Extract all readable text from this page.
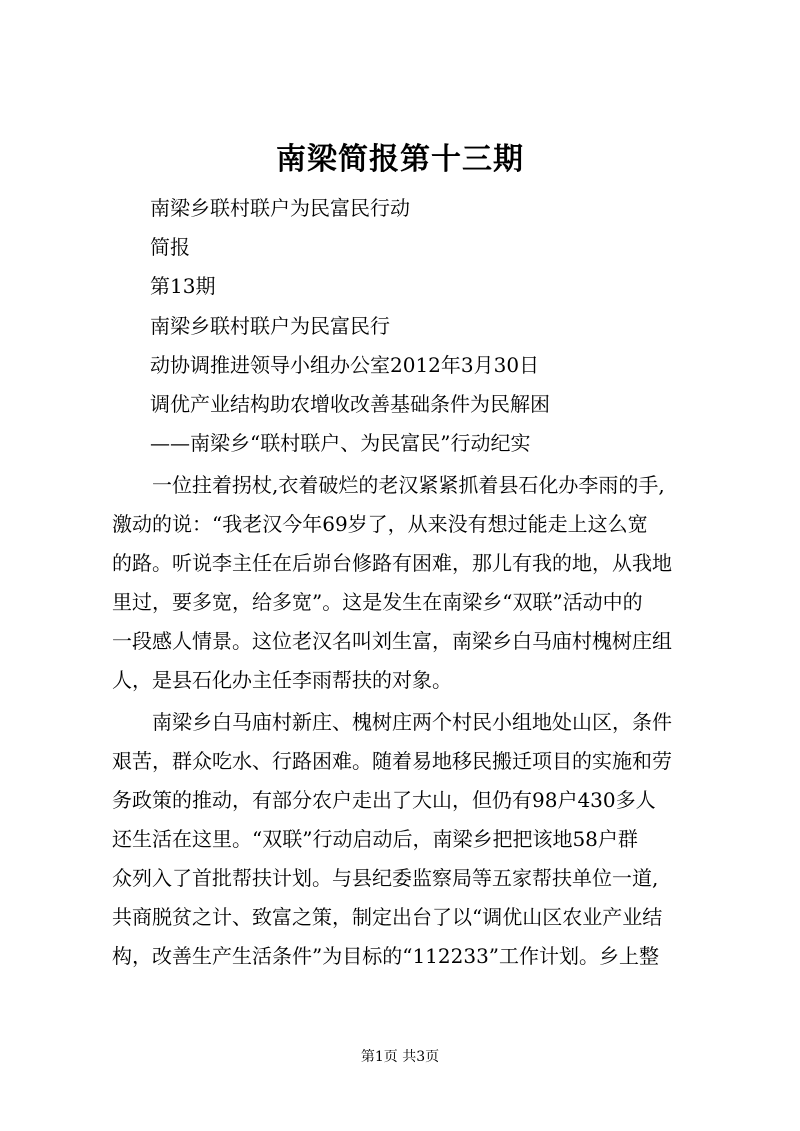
南梁简报第十三期
南梁乡联村联户为民富民行动
简报
第13期
南梁乡联村联户为民富民行
动协调推进领导小组办公室2012年3月30日
调优产业结构助农增收改善基础条件为民解困
——南梁乡“联村联户、为民富民”行动纪实
一位拄着拐杖,衣着破烂的老汉紧紧抓着县石化办李雨的手,
激动的说：“我老汉今年69岁了，从来没有想过能走上这么宽
的路。听说李主任在后峁台修路有困难，那儿有我的地，从我地
里过，要多宽，给多宽”。这是发生在南梁乡“双联”活动中的
一段感人情景。这位老汉名叫刘生富，南梁乡白马庙村槐树庄组
人，是县石化办主任李雨帮扶的对象。
南梁乡白马庙村新庄、槐树庄两个村民小组地处山区，条件
艰苦，群众吃水、行路困难。随着易地移民搬迁项目的实施和劳
务政策的推动，有部分农户走出了大山，但仍有98户430多人
还生活在这里。“双联”行动启动后，南梁乡把把该地58户群
众列入了首批帮扶计划。与县纪委监察局等五家帮扶单位一道,
共商脱贫之计、致富之策，制定出台了以“调优山区农业产业结
构，改善生产生活条件”为目标的“112233”工作计划。乡上整
第1页 共3页
